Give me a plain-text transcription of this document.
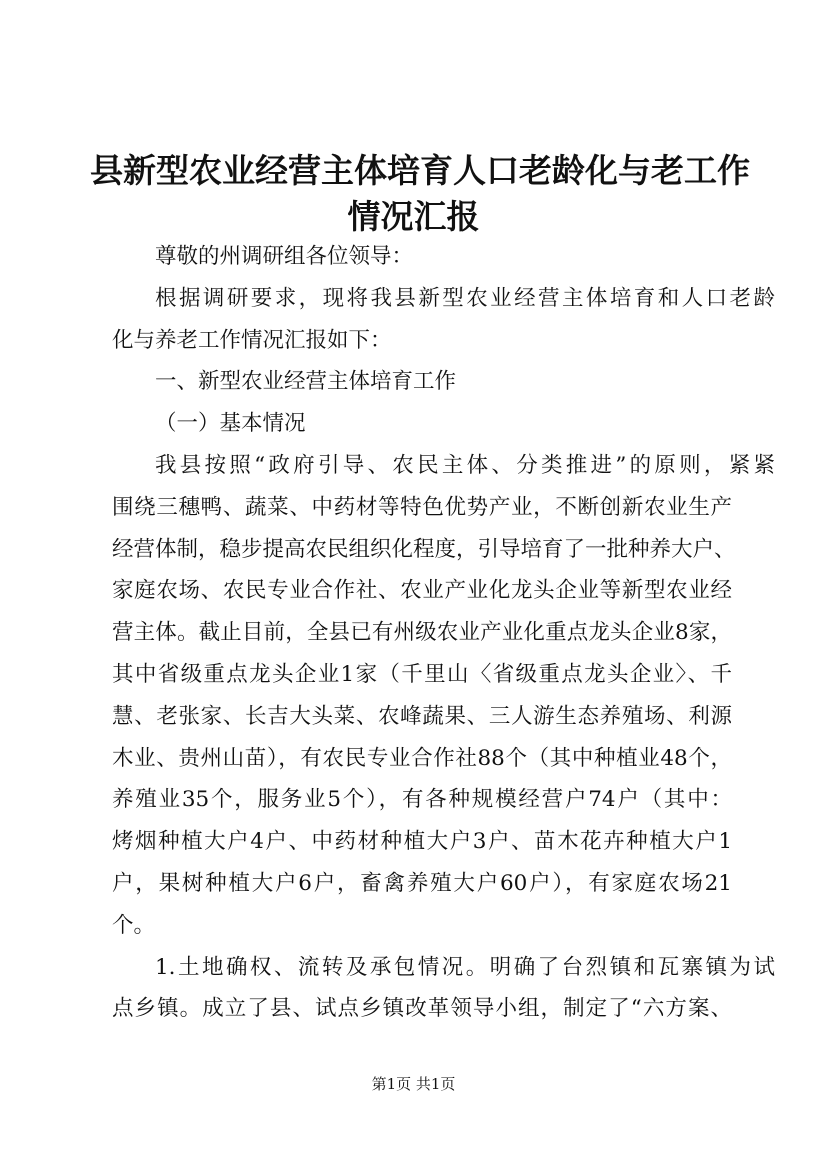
县新型农业经营主体培育人口老龄化与老工作
情况汇报
尊敬的州调研组各位领导：
根据调研要求，现将我县新型农业经营主体培育和人口老龄
化与养老工作情况汇报如下：
一、新型农业经营主体培育工作
（一）基本情况
我县按照“政府引导、农民主体、分类推进”的原则，紧紧
围绕三穗鸭、蔬菜、中药材等特色优势产业，不断创新农业生产
经营体制，稳步提高农民组织化程度，引导培育了一批种养大户、
家庭农场、农民专业合作社、农业产业化龙头企业等新型农业经
营主体。截止目前，全县已有州级农业产业化重点龙头企业8家，
其中省级重点龙头企业1家（千里山〈省级重点龙头企业〉、千
慧、老张家、长吉大头菜、农峰蔬果、三人游生态养殖场、利源
木业、贵州山苗），有农民专业合作社88个（其中种植业48个，
养殖业35个，服务业5个），有各种规模经营户74户（其中：
烤烟种植大户4户、中药材种植大户3户、苗木花卉种植大户1
户，果树种植大户6户，畜禽养殖大户60户），有家庭农场21
个。
1.土地确权、流转及承包情况。明确了台烈镇和瓦寨镇为试
点乡镇。成立了县、试点乡镇改革领导小组，制定了“六方案、
第1页 共1页
